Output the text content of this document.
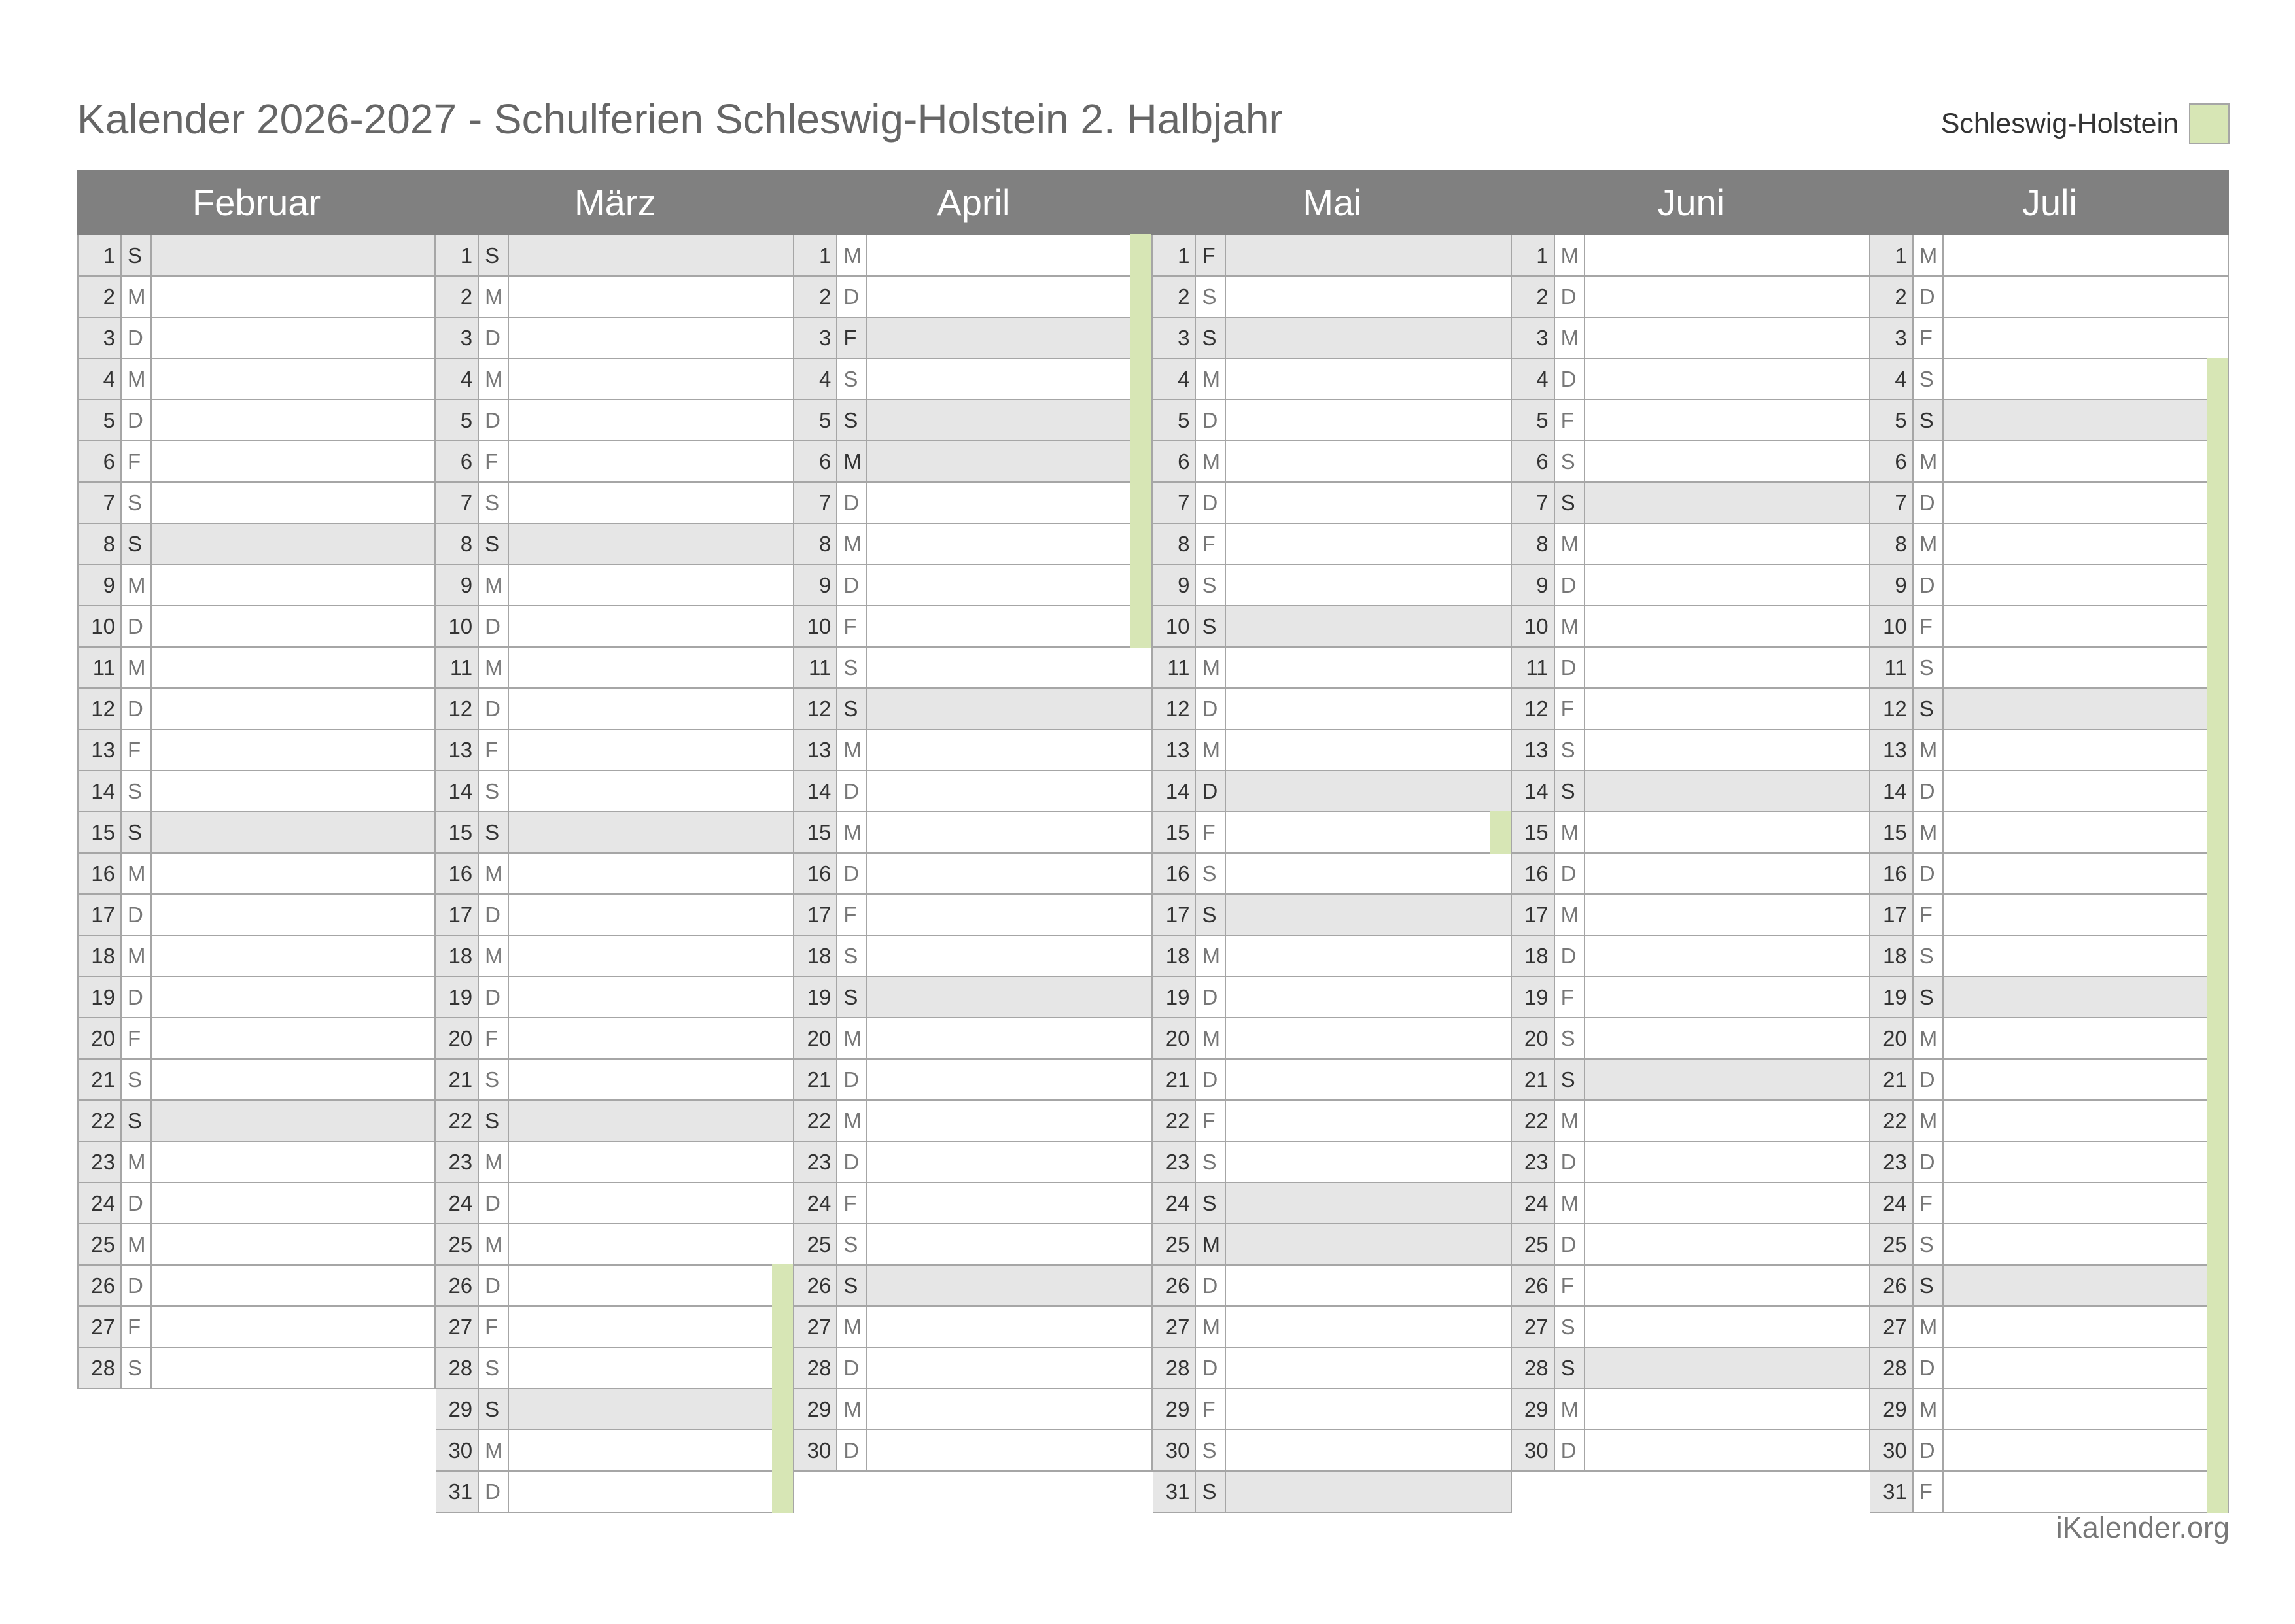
Kalender 2026-2027 - Schulferien Schleswig-Holstein 2. Halbjahr	Schleswig-Holstein
Februar
1 S
2 M
3 D
4 M
5 D
6 F
7 S
8 S
9 M
10 D
11 M
12 D
13 F
14 S
15 S
16 M
17 D
18 M
19 D
20 F
21 S
22 S
23 M
24 D
25 M
26 D
27 F
28 S
März
1 S
2 M
3 D
4 M
5 D
6 F
7 S
8 S
9 M
10 D
11 M
12 D
13 F
14 S
15 S
16 M
17 D
18 M
19 D
20 F
21 S
22 S
23 M
24 D
25 M
26 D
27 F
28 S
29 S
30 M
31 D
April
1 M
2 D
3 F
4 S
5 S
6 M
7 D
8 M
9 D
10 F
11 S
12 S
13 M
14 D
15 M
16 D
17 F
18 S
19 S
20 M
21 D
22 M
23 D
24 F
25 S
26 S
27 M
28 D
29 M
30 D
Mai
1 F
2 S
3 S
4 M
5 D
6 M
7 D
8 F
9 S
10 S
11 M
12 D
13 M
14 D
15 F
16 S
17 S
18 M
19 D
20 M
21 D
22 F
23 S
24 S
25 M
26 D
27 M
28 D
29 F
30 S
31 S
Juni
1 M
2 D
3 M
4 D
5 F
6 S
7 S
8 M
9 D
10 M
11 D
12 F
13 S
14 S
15 M
16 D
17 M
18 D
19 F
20 S
21 S
22 M
23 D
24 M
25 D
26 F
27 S
28 S
29 M
30 D
Juli
1 M
2 D
3 F
4 S
5 S
6 M
7 D
8 M
9 D
10 F
11 S
12 S
13 M
14 D
15 M
16 D
17 F
18 S
19 S
20 M
21 D
22 M
23 D
24 F
25 S
26 S
27 M
28 D
29 M
30 D
31 F
iKalender.org
